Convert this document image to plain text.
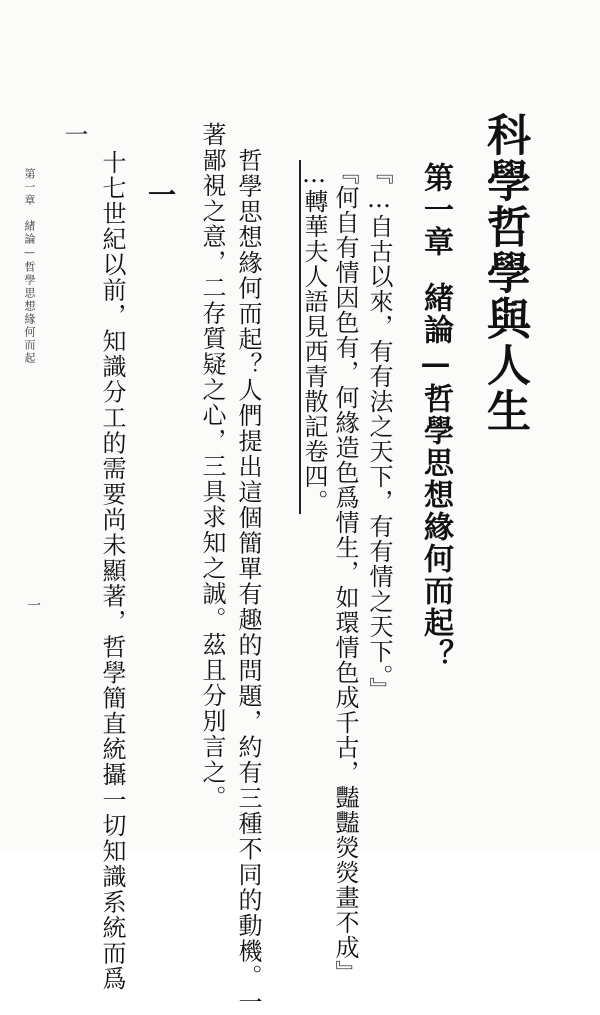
科學哲學與人生
第一章緒論—哲學思想緣何而起？
『…自古以來，有有法之天下，有有情之天下。』
『何自有情因色有，何緣造色爲情生，如環情色成千古，豔豔熒熒畫不成』
…轉華夫人語見西青散記卷四。
哲學思想緣何而起？人們提出這個簡單有趣的問題，約有三種不同的動機。一
著鄙視之意，二存質疑之心，三具求知之誠。茲且分別言之。
一
十七世紀以前，知識分工的需要尚未顯著，哲學簡直統攝一切知識系統而爲
一
第一章　緒論—哲學思想緣何而起
一
